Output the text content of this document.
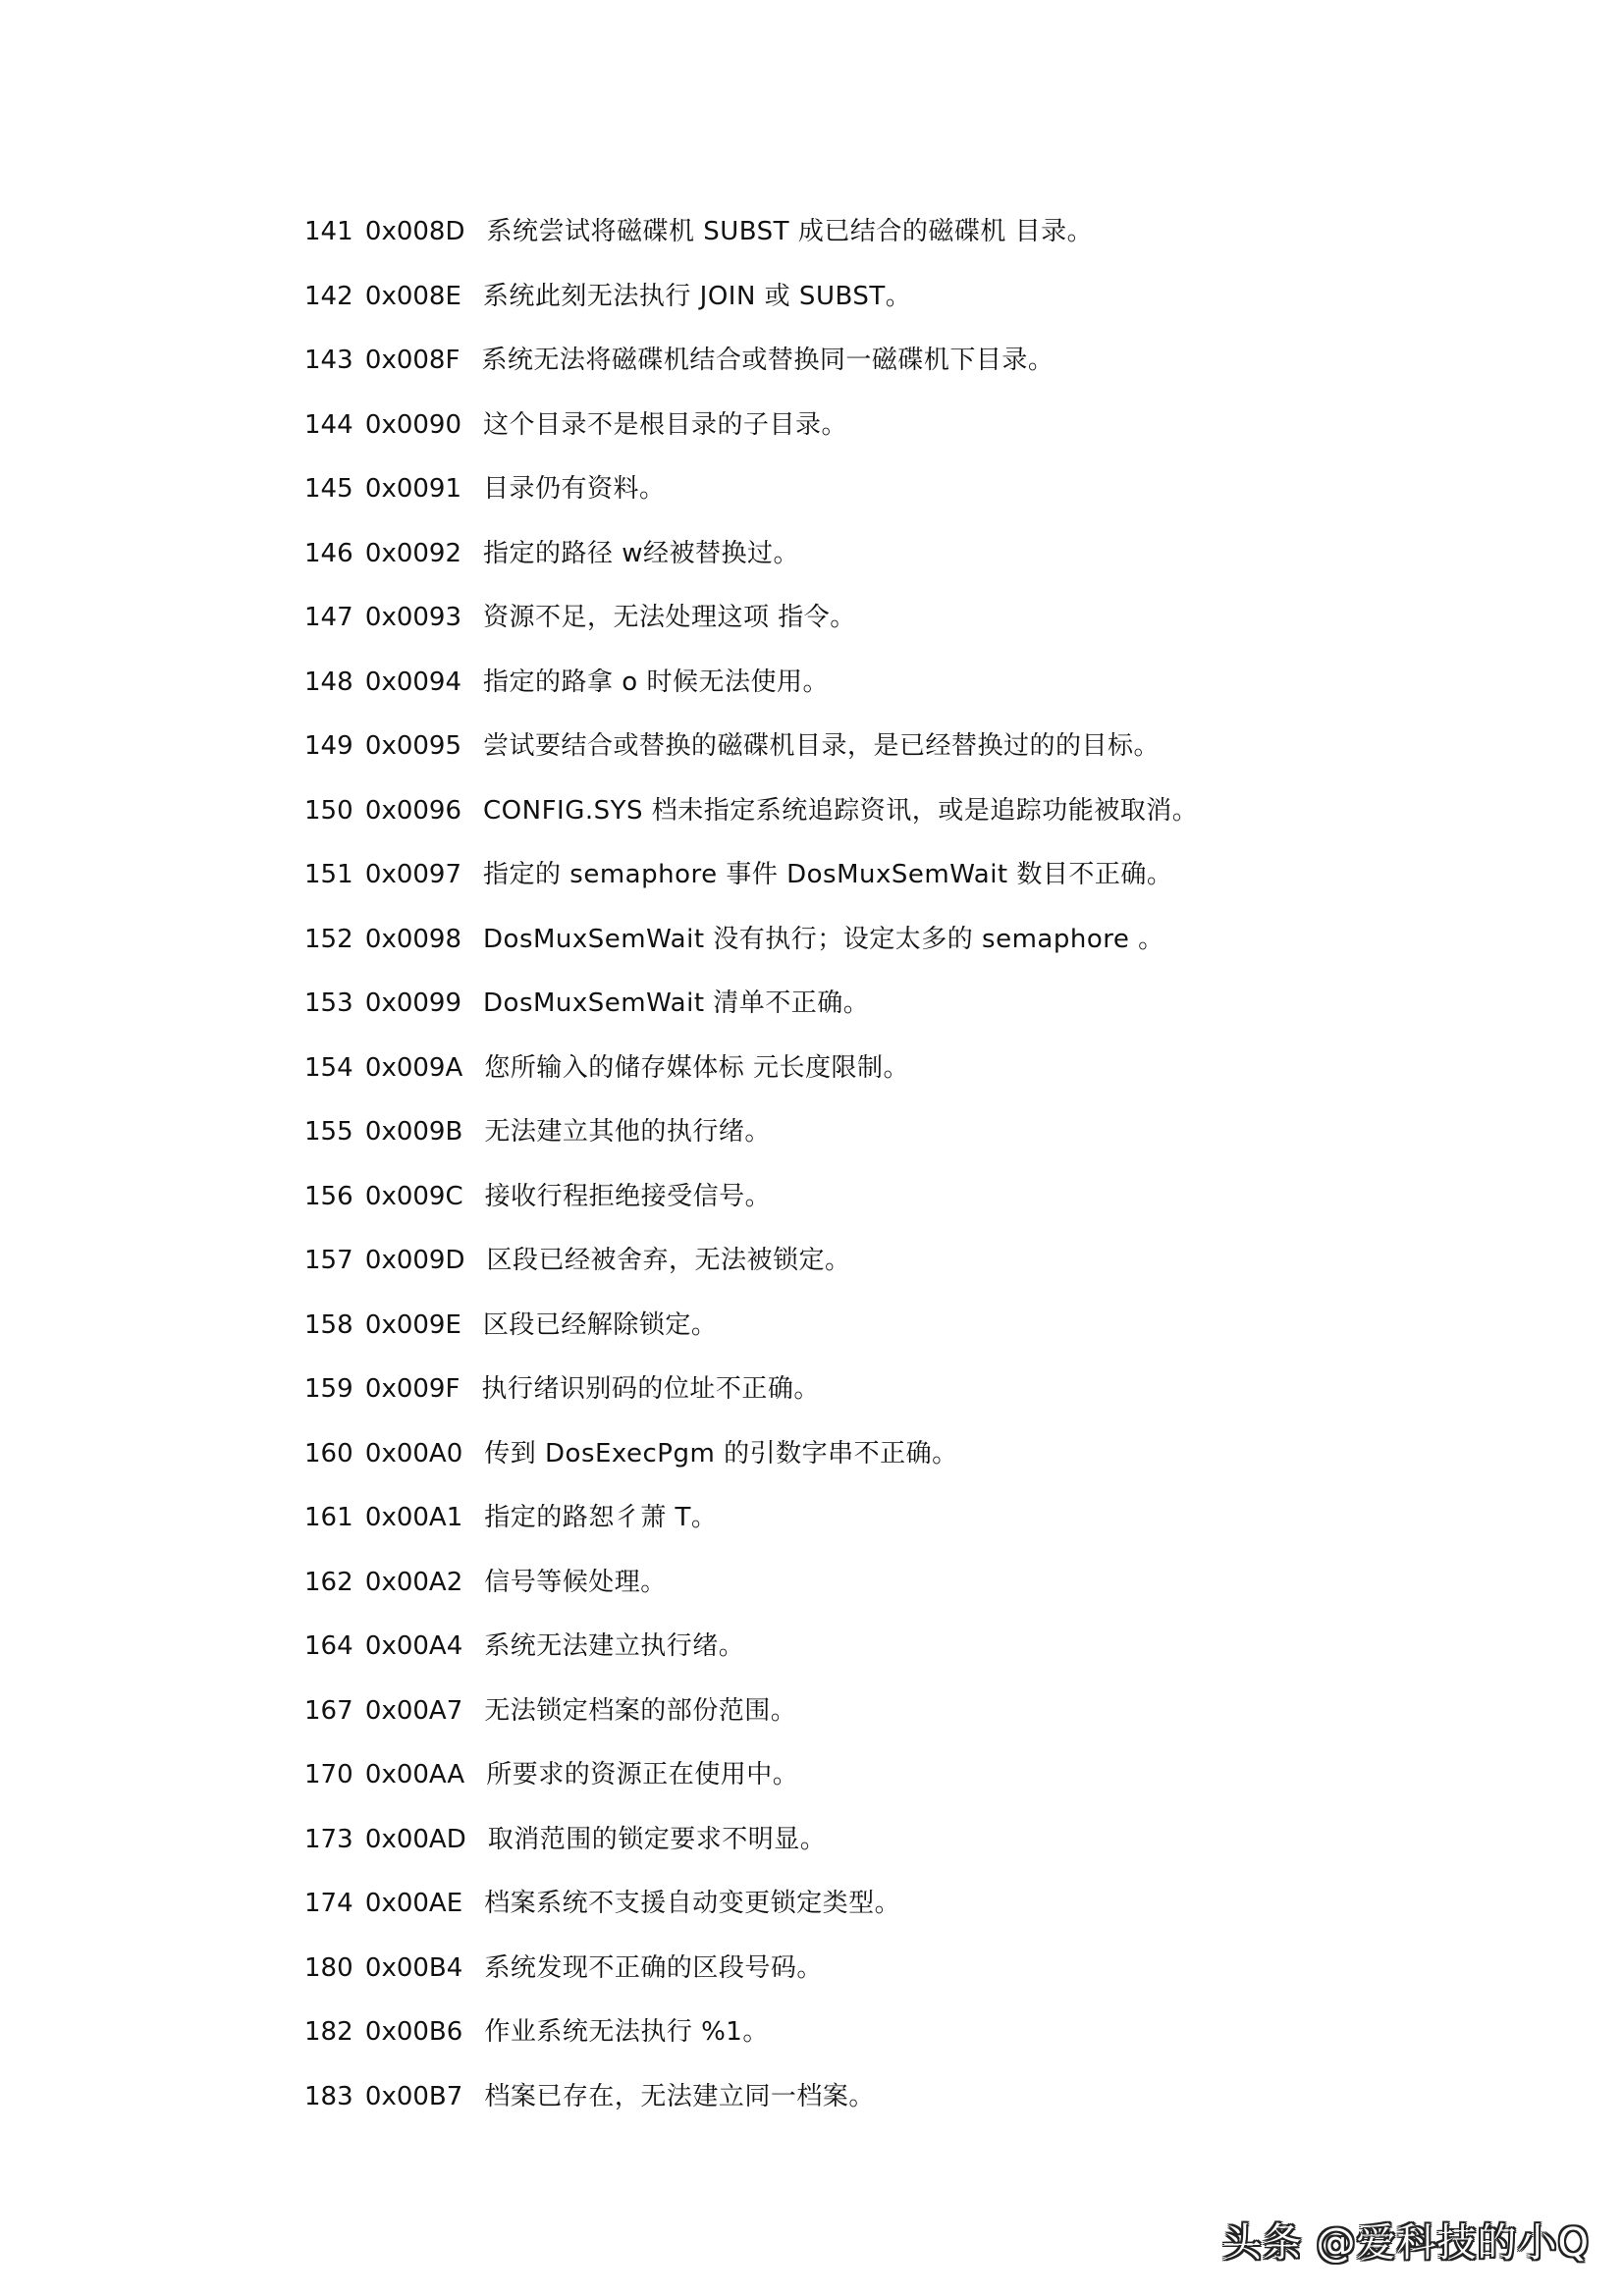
141 0x008D 系统尝试将磁碟机 SUBST 成已结合的磁碟机 目录。
142 0x008E 系统此刻无法执行 JOIN 或 SUBST。
143 0x008F 系统无法将磁碟机结合或替换同一磁碟机下目录。
144 0x0090 这个目录不是根目录的子目录。
145 0x0091 目录仍有资料。
146 0x0092 指定的路径 w经被替换过。
147 0x0093 资源不足，无法处理这项 指令。
148 0x0094 指定的路拿 o 时候无法使用。
149 0x0095 尝试要结合或替换的磁碟机目录，是已经替换过的的目标。
150 0x0096 CONFIG.SYS 档未指定系统追踪资讯，或是追踪功能被取消。
151 0x0097 指定的 semaphore 事件 DosMuxSemWait 数目不正确。
152 0x0098 DosMuxSemWait 没有执行；设定太多的 semaphore 。
153 0x0099 DosMuxSemWait 清单不正确。
154 0x009A 您所输入的储存媒体标 元长度限制。
155 0x009B 无法建立其他的执行绪。
156 0x009C 接收行程拒绝接受信号。
157 0x009D 区段已经被舍弃，无法被锁定。
158 0x009E 区段已经解除锁定。
159 0x009F 执行绪识别码的位址不正确。
160 0x00A0 传到 DosExecPgm 的引数字串不正确。
161 0x00A1 指定的路恕彳萧 T。
162 0x00A2 信号等候处理。
164 0x00A4 系统无法建立执行绪。
167 0x00A7 无法锁定档案的部份范围。
170 0x00AA 所要求的资源正在使用中。
173 0x00AD 取消范围的锁定要求不明显。
174 0x00AE 档案系统不支援自动变更锁定类型。
180 0x00B4 系统发现不正确的区段号码。
182 0x00B6 作业系统无法执行 %1。
183 0x00B7 档案已存在，无法建立同一档案。
头条 @爱科技的小Q
